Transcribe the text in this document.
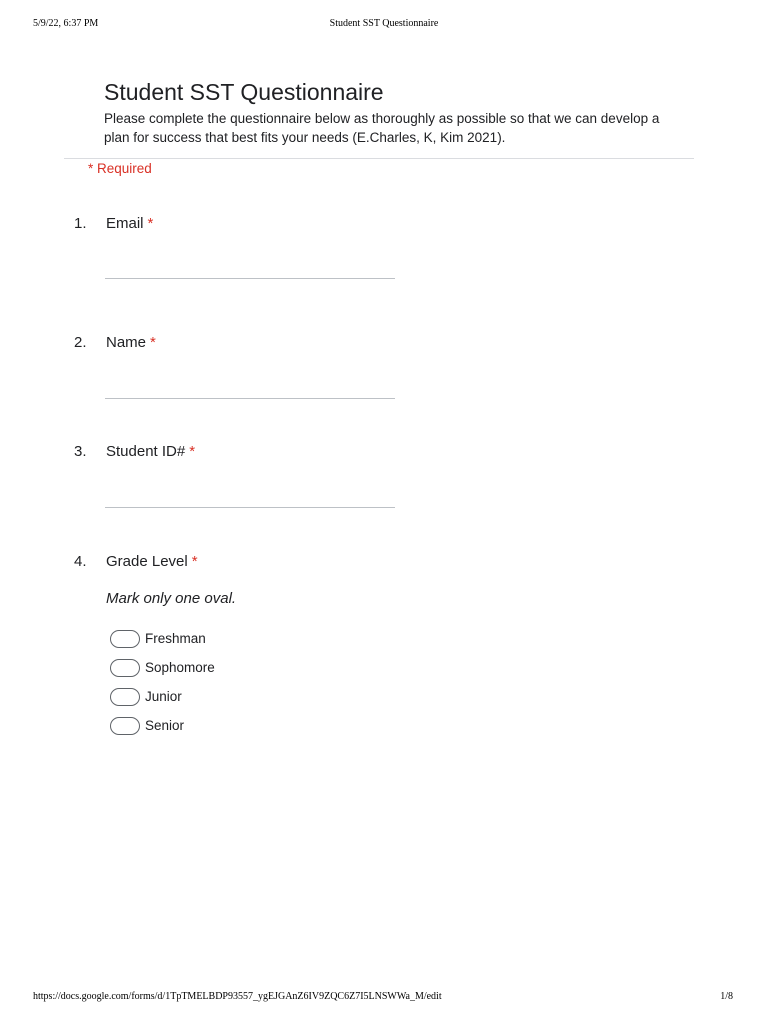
5/9/22, 6:37 PM	Student SST Questionnaire
Student SST Questionnaire

Please complete the questionnaire below as thoroughly as possible so that we can develop a plan for success that best fits your needs (E.Charles, K, Kim 2021).

* Required
1. Email *
2. Name *
3. Student ID# *
4. Grade Level *
Mark only one oval.
Freshman
Sophomore
Junior
Senior
https://docs.google.com/forms/d/1TpTMELBDP93557_ygEJGAnZ6IV9ZQC6Z7I5LNSWWa_M/edit	1/8
